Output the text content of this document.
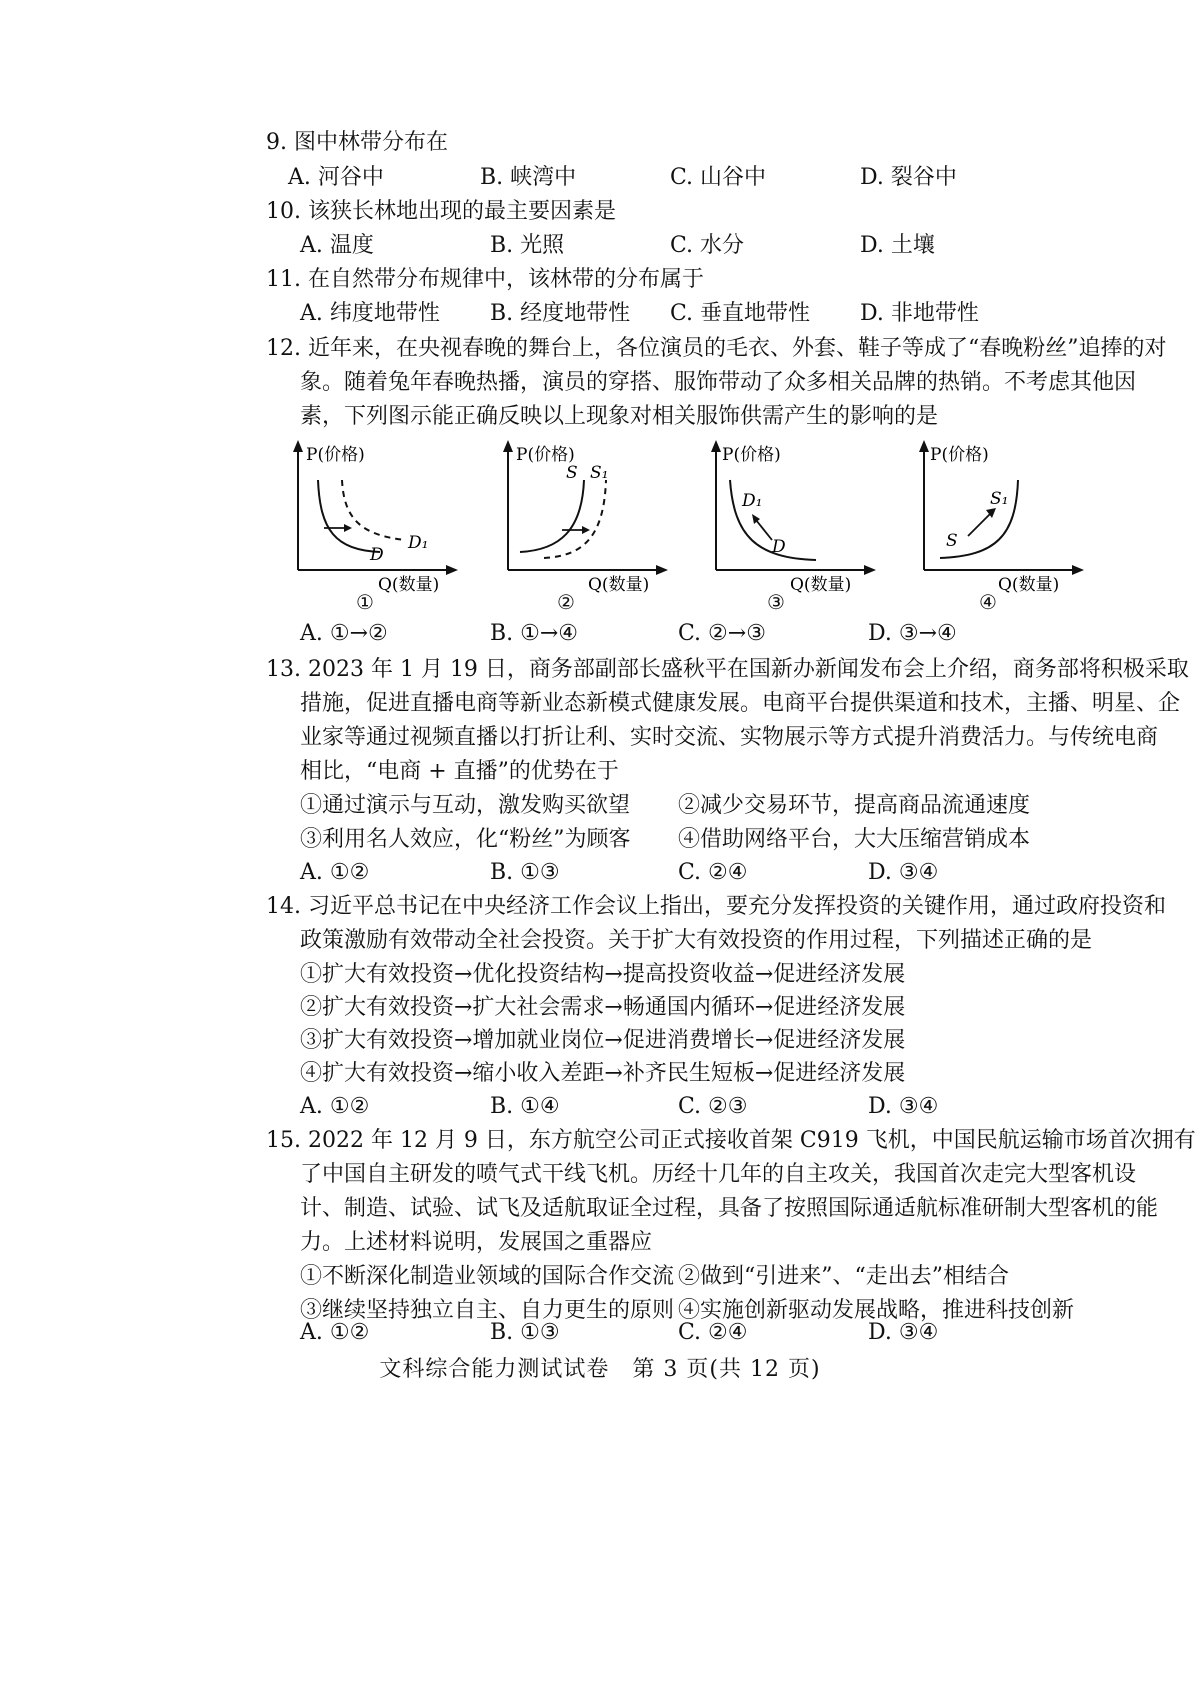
9. 图中林带分布在
A. 河谷中	B. 峡湾中	C. 山谷中	D. 裂谷中
10. 该狭长林地出现的最主要因素是
A. 温度	B. 光照	C. 水分	D. 土壤
11. 在自然带分布规律中，该林带的分布属于
A. 纬度地带性 B. 经度地带性 C. 垂直地带性 D. 非地带性
12. 近年来，在央视春晚的舞台上，各位演员的毛衣、外套、鞋子等成了“春晚粉丝”追捧的对
象。随着兔年春晚热播，演员的穿搭、服饰带动了众多相关品牌的热销。不考虑其他因
素，下列图示能正确反映以上现象对相关服饰供需产生的影响的是
P(价格)
D
D₁
Q(数量)
①
P(价格)
S S₁
Q(数量)
②
P(价格)
D₁
D
Q(数量)
③
P(价格)
S₁
S
Q(数量)
④
A. ①→②	B. ①→④	C. ②→③	D. ③→④
13. 2023 年 1 月 19 日，商务部副部长盛秋平在国新办新闻发布会上介绍，商务部将积极采取
措施，促进直播电商等新业态新模式健康发展。电商平台提供渠道和技术，主播、明星、企
业家等通过视频直播以打折让利、实时交流、实物展示等方式提升消费活力。与传统电商
相比，“电商 + 直播”的优势在于
①通过演示与互动，激发购买欲望 ②减少交易环节，提高商品流通速度
③利用名人效应，化“粉丝”为顾客 ④借助网络平台，大大压缩营销成本
A. ①②	B. ①③	C. ②④	D. ③④
14. 习近平总书记在中央经济工作会议上指出，要充分发挥投资的关键作用，通过政府投资和
政策激励有效带动全社会投资。关于扩大有效投资的作用过程，下列描述正确的是
①扩大有效投资→优化投资结构→提高投资收益→促进经济发展
②扩大有效投资→扩大社会需求→畅通国内循环→促进经济发展
③扩大有效投资→增加就业岗位→促进消费增长→促进经济发展
④扩大有效投资→缩小收入差距→补齐民生短板→促进经济发展
A. ①②	B. ①④	C. ②③	D. ③④
15. 2022 年 12 月 9 日，东方航空公司正式接收首架 C919 飞机，中国民航运输市场首次拥有
了中国自主研发的喷气式干线飞机。历经十几年的自主攻关，我国首次走完大型客机设
计、制造、试验、试飞及适航取证全过程，具备了按照国际通适航标准研制大型客机的能
力。上述材料说明，发展国之重器应
①不断深化制造业领域的国际合作交流 ②做到“引进来”、“走出去”相结合
③继续坚持独立自主、自力更生的原则 ④实施创新驱动发展战略，推进科技创新
A. ①②	B. ①③	C. ②④	D. ③④
文科综合能力测试试卷　第 3 页(共 12 页)
